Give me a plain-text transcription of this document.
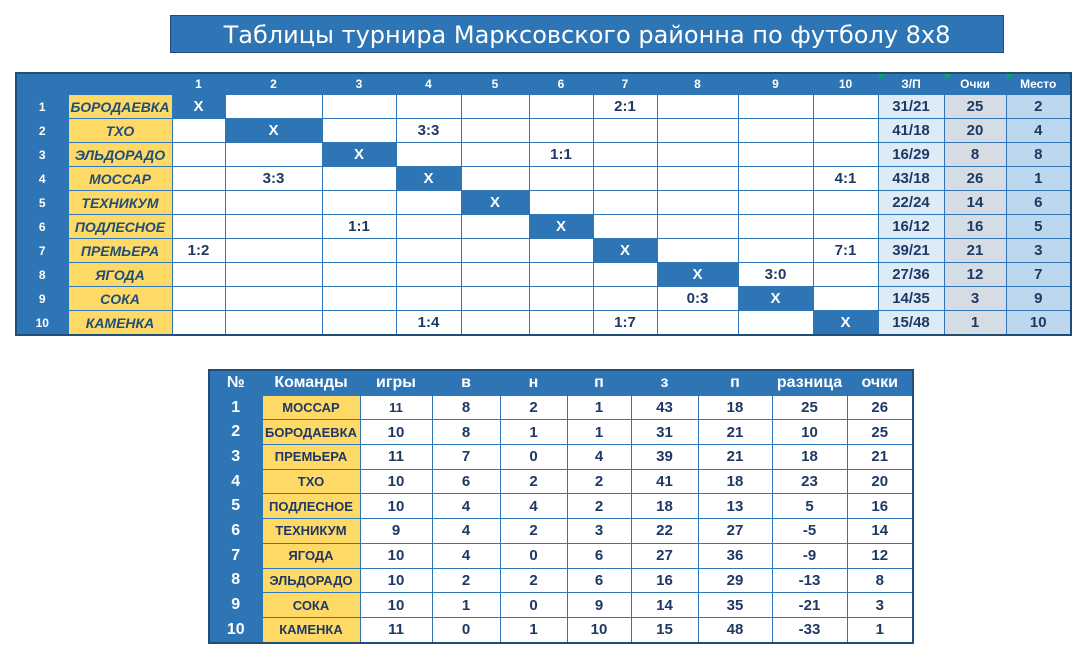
Таблицы турнира Марксовского районна по футболу 8x8
		1	2	3	4	5	6	7	8	9	10	З/П	Очки	Место
1	БОРОДАЕВКА	X						2:1				31/21	25	2
2	ТХО		X		3:3							41/18	20	4
3	ЭЛЬДОРАДО			X			1:1					16/29	8	8
4	МОССАР		3:3		X						4:1	43/18	26	1
5	ТЕХНИКУМ					X						22/24	14	6
6	ПОДЛЕСНОЕ			1:1			X					16/12	16	5
7	ПРЕМЬЕРА	1:2						X			7:1	39/21	21	3
8	ЯГОДА								X	3:0		27/36	12	7
9	СОКА								0:3	X		14/35	3	9
10	КАМЕНКА				1:4			1:7			X	15/48	1	10
№	Команды	игры	в	н	п	з	п	разница	очки
1	МОССАР	11	8	2	1	43	18	25	26
2	БОРОДАЕВКА	10	8	1	1	31	21	10	25
3	ПРЕМЬЕРА	11	7	0	4	39	21	18	21
4	ТХО	10	6	2	2	41	18	23	20
5	ПОДЛЕСНОЕ	10	4	4	2	18	13	5	16
6	ТЕХНИКУМ	9	4	2	3	22	27	-5	14
7	ЯГОДА	10	4	0	6	27	36	-9	12
8	ЭЛЬДОРАДО	10	2	2	6	16	29	-13	8
9	СОКА	10	1	0	9	14	35	-21	3
10	КАМЕНКА	11	0	1	10	15	48	-33	1
